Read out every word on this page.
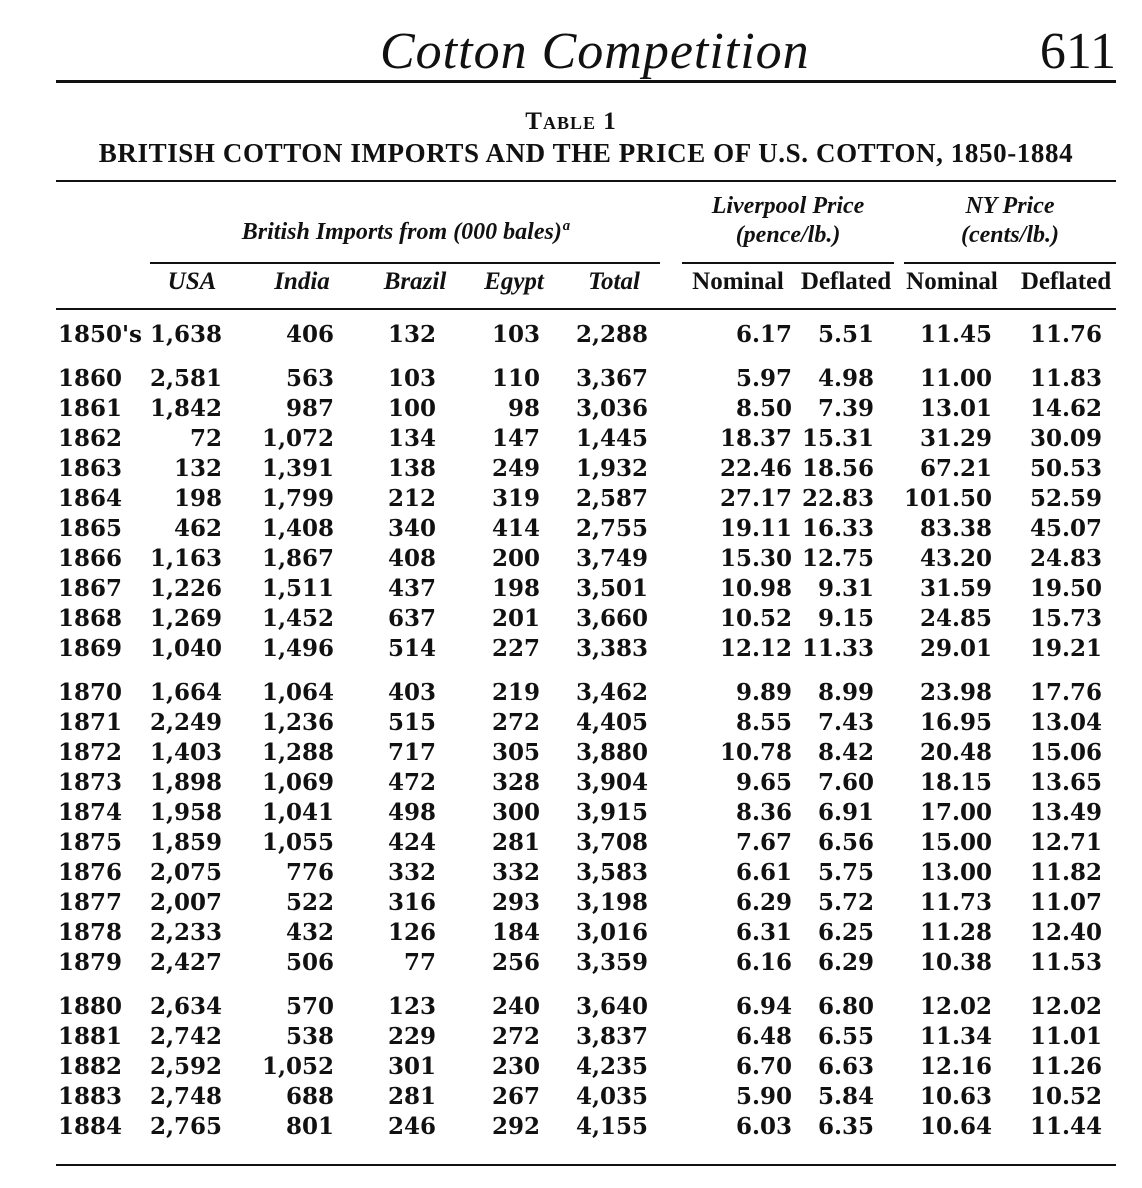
Cotton Competition	611
Table 1
BRITISH COTTON IMPORTS AND THE PRICE OF U.S. COTTON, 1850-1884
British Imports from (000 bales)ª
Liverpool Price
(pence/lb.)
NY Price
(cents/lb.)
USA	India	Brazil	Egypt	Total	Nominal Deflated Nominal Deflated
1850's 1,638	406 132 103 2,288	6.17 5.51 11.45 11.76
1860 2,581	563 103 110 3,367	5.97 4.98 11.00 11.83
1861 1,842	987 100	98 3,036	8.50 7.39 13.01 14.62
1862	72 1,072 134 147 1,445	18.37 15.31 31.29 30.09
1863 132 1,391 138 249 1,932	22.46 18.56 67.21 50.53
1864 198 1,799 212 319 2,587	27.17 22.83 101.50 52.59
1865 462 1,408 340 414 2,755	19.11 16.33 83.38 45.07
1866 1,163 1,867 408 200 3,749	15.30 12.75 43.20 24.83
1867 1,226 1,511 437 198 3,501	10.98 9.31 31.59 19.50
1868 1,269 1,452 637 201 3,660	10.52 9.15 24.85 15.73
1869 1,040 1,496 514 227 3,383	12.12 11.33 29.01 19.21
1870 1,664 1,064 403 219 3,462	9.89 8.99 23.98 17.76
1871 2,249 1,236 515 272 4,405	8.55 7.43 16.95 13.04
1872 1,403 1,288 717 305 3,880	10.78 8.42 20.48 15.06
1873 1,898 1,069 472 328 3,904	9.65 7.60 18.15 13.65
1874 1,958 1,041 498 300 3,915	8.36 6.91 17.00 13.49
1875 1,859 1,055 424 281 3,708	7.67 6.56 15.00 12.71
1876 2,075	776 332 332 3,583	6.61 5.75 13.00 11.82
1877 2,007	522 316 293 3,198	6.29 5.72 11.73 11.07
1878 2,233	432 126 184 3,016	6.31 6.25 11.28 12.40
1879 2,427	506	77 256 3,359	6.16 6.29 10.38 11.53
1880 2,634	570 123 240 3,640	6.94 6.80 12.02 12.02
1881 2,742	538 229 272 3,837	6.48 6.55 11.34 11.01
1882 2,592 1,052 301 230 4,235	6.70 6.63 12.16 11.26
1883 2,748	688 281 267 4,035	5.90 5.84 10.63 10.52
1884 2,765	801 246 292 4,155	6.03 6.35 10.64 11.44
